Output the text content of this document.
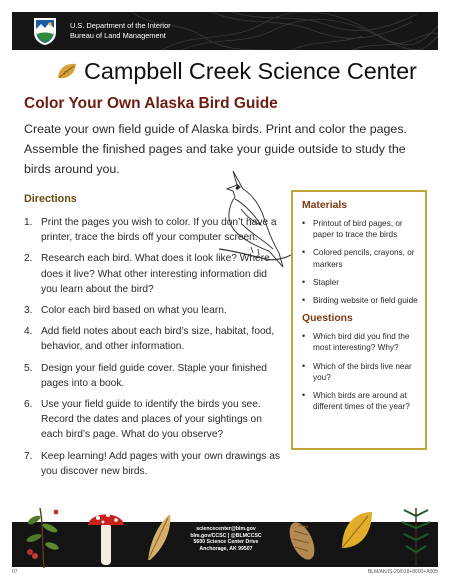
U.S. Department of the Interior
Bureau of Land Management
Campbell Creek Science Center
Color Your Own Alaska Bird Guide

Create your own field guide of Alaska birds. Print and color the pages. Assemble the finished pages and take your guide outside to study the birds around you.

Directions
1. Print the pages you wish to color. If you don’t have a printer, trace the birds off your computer screen.
2. Research each bird. What does it look like? Where does it live? What other interesting information did you learn about the bird?
3. Color each bird based on what you learn.
4. Add field notes about each bird’s size, habitat, food, behavior, and other information.
5. Design your field guide cover. Staple your finished pages into a book.
6. Use your field guide to identify the birds you see. Record the dates and places of your sightings on each bird’s page. What do you observe?
7. Keep learning! Add pages with your own drawings as you discover new birds.
Materials
• Printout of bird pages, or paper to trace the birds
• Colored pencils, crayons, or markers
• Stapler
• Birding website or field guide
Questions
• Which bird did you find the most interesting? Why?
• Which of the birds live near you?
• Which birds are around at different times of the year?
sciencecenter@blm.gov
blm.gov/CCSC | @BLMCCSC
5600 Science Center Drive
Anchorage, AK 99507
07	BLM/AK/IS-20/018+8600+A005
